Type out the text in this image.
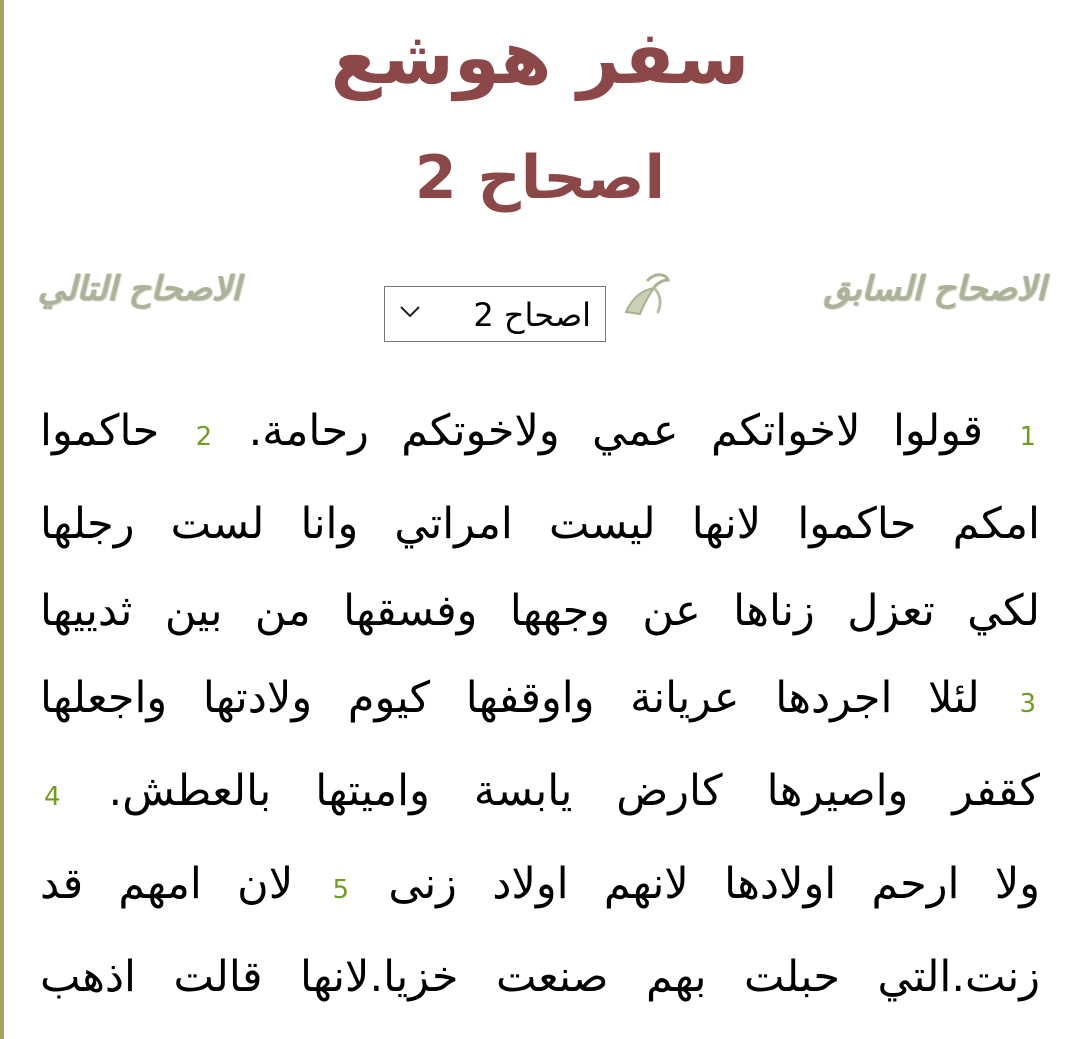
سفر هوشع
اصحاح 2
الاصحاح السابق
اصحاح 2
الاصحاح التالي
1 قولوا لاخواتكم عمي ولاخوتكم رحامة. 2 حاكموا
امكم حاكموا لانها ليست امراتي وانا لست رجلها
لكي تعزل زناها عن وجهها وفسقها من بين ثدييها
3 لئلا اجردها عريانة واوقفها كيوم ولادتها واجعلها
كقفر واصيرها كارض يابسة واميتها بالعطش. 4
ولا ارحم اولادها لانهم اولاد زنى 5 لان امهم قد
زنت.التي حبلت بهم صنعت خزيا.لانها قالت اذهب
